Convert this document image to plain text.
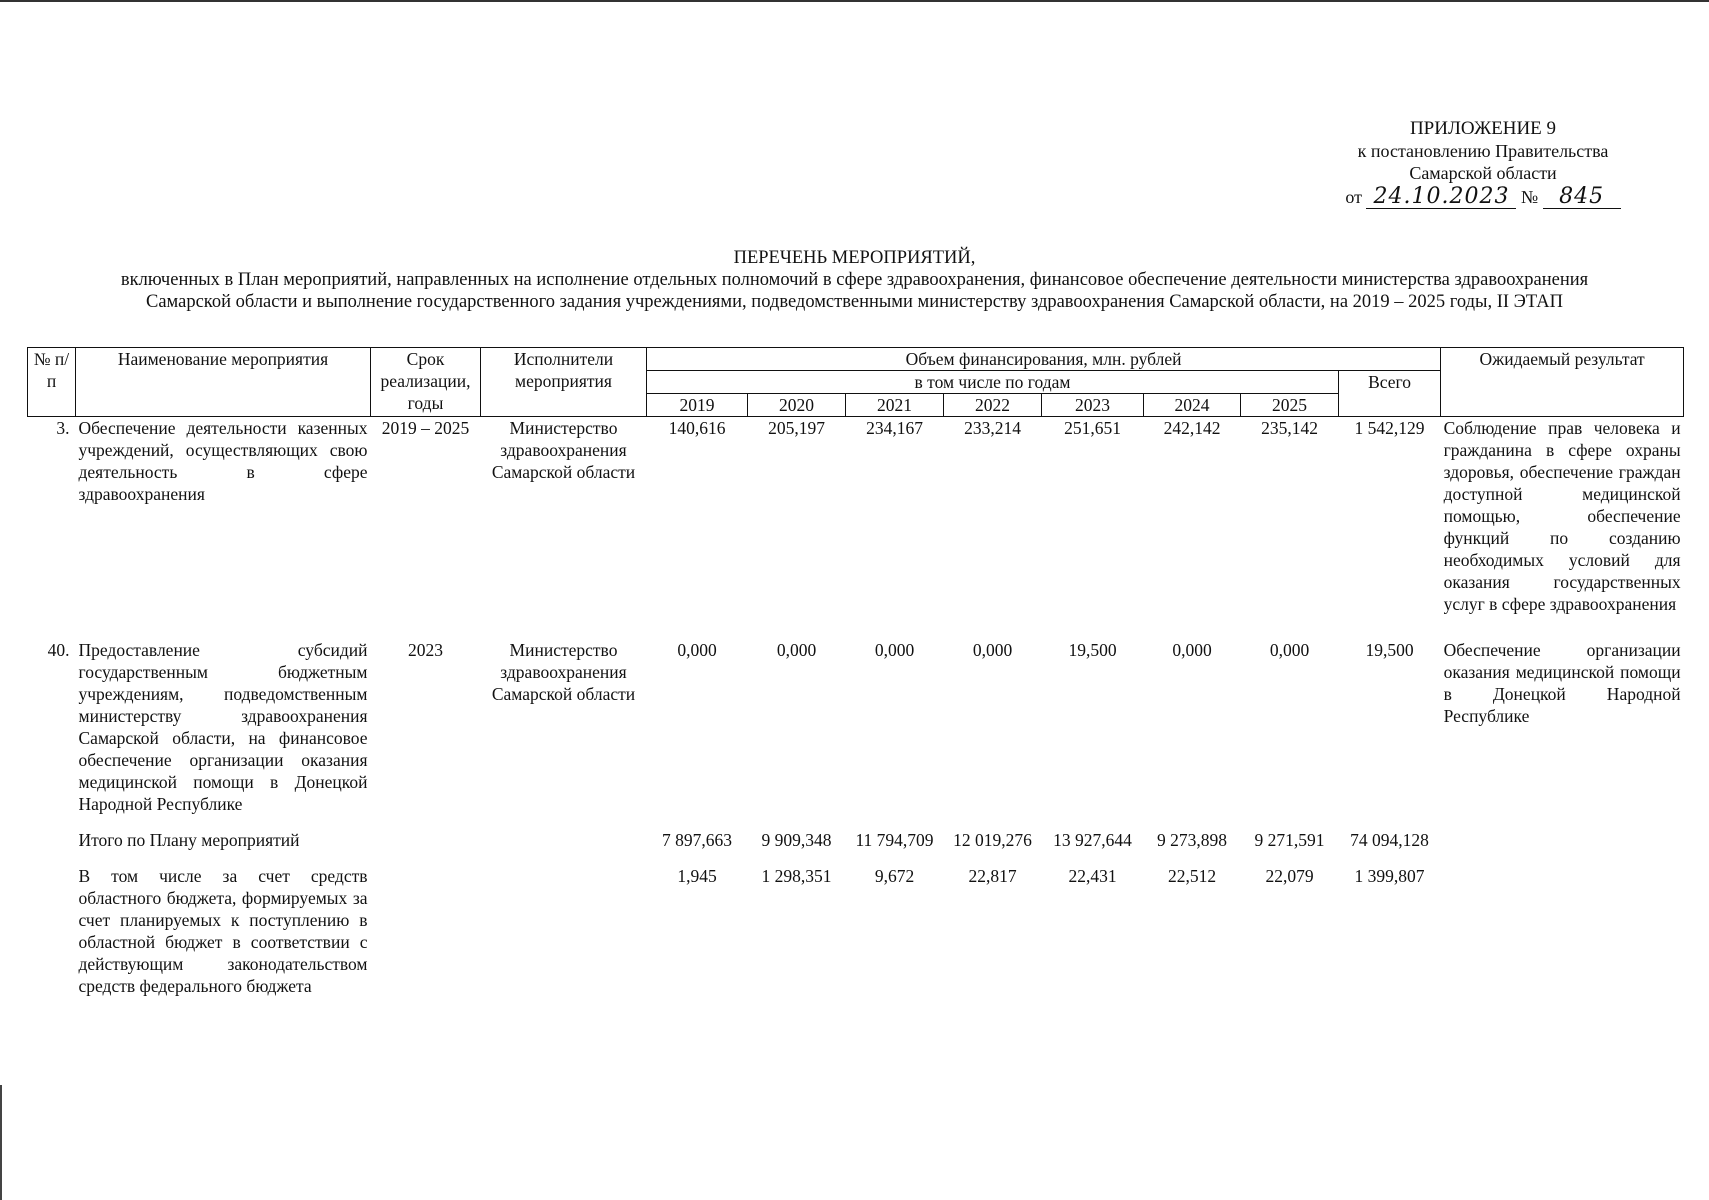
ПРИЛОЖЕНИЕ 9
к постановлению Правительства
Самарской области
от 24.10.2023 № 845
ПЕРЕЧЕНЬ МЕРОПРИЯТИЙ,
включенных в План мероприятий, направленных на исполнение отдельных полномочий в сфере здравоохранения, финансовое обеспечение деятельности министерства здравоохранения
Самарской области и выполнение государственного задания учреждениями, подведомственными министерству здравоохранения Самарской области, на 2019 – 2025 годы, II ЭТАП
№ п/п	Наименование мероприятия	Срок реализации, годы	Исполнители мероприятия	Объем финансирования, млн. рублей								Ожидаемый результат
				в том числе по годам							Всего	
				2019	2020	2021	2022	2023	2024	2025		
3.	Обеспечение деятельности казенных учреждений, осуществляющих свою деятельность в сфере здравоохранения	2019 – 2025	Министерство здравоохранения Самарской области	140,616	205,197	234,167	233,214	251,651	242,142	235,142	1 542,129	Соблюдение прав человека и гражданина в сфере охраны здоровья, обеспечение граждан доступной медицинской помощью, обеспечение функций по созданию необходимых условий для оказания государственных услуг в сфере здравоохранения

40.	Предоставление субсидий государственным бюджетным учреждениям, подведомственным министерству здравоохранения Самарской области, на финансовое обеспечение организации оказания медицинской помощи в Донецкой Народной Республике	2023	Министерство здравоохранения Самарской области	0,000	0,000	0,000	0,000	19,500	0,000	0,000	19,500	Обеспечение организации оказания медицинской помощи в Донецкой Народной Республике

	Итого по Плану мероприятий			7 897,663	9 909,348	11 794,709	12 019,276	13 927,644	9 273,898	9 271,591	74 094,128	

	В том числе за счет средств областного бюджета, формируемых за счет планируемых к поступлению в областной бюджет в соответствии с действующим законодательством средств федерального бюджета			1,945	1 298,351	9,672	22,817	22,431	22,512	22,079	1 399,807	
